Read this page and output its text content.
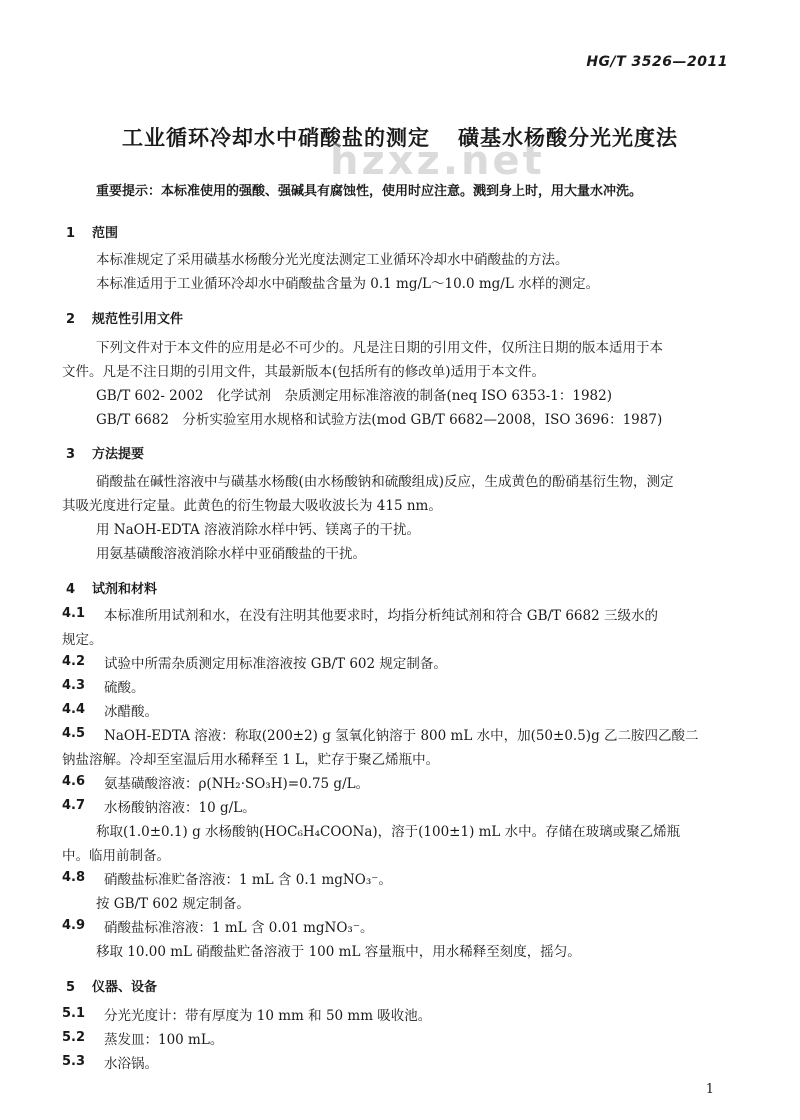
HG/T 3526—2011
工业循环冷却水中硝酸盐的测定 磺基水杨酸分光光度法
hzxz.net
重要提示：本标准使用的强酸、强碱具有腐蚀性，使用时应注意。溅到身上时，用大量水冲洗。
1 范围
本标准规定了采用磺基水杨酸分光光度法测定工业循环冷却水中硝酸盐的方法。
本标准适用于工业循环冷却水中硝酸盐含量为 0.1 mg/L～10.0 mg/L 水样的测定。
2 规范性引用文件
下列文件对于本文件的应用是必不可少的。凡是注日期的引用文件，仅所注日期的版本适用于本
文件。凡是不注日期的引用文件，其最新版本(包括所有的修改单)适用于本文件。
GB/T 602- 2002　化学试剂　杂质测定用标准溶液的制备(neq ISO 6353-1：1982)
GB/T 6682　分析实验室用水规格和试验方法(mod GB/T 6682—2008，ISO 3696：1987)
3 方法提要
硝酸盐在碱性溶液中与磺基水杨酸(由水杨酸钠和硫酸组成)反应，生成黄色的酚硝基衍生物，测定
其吸光度进行定量。此黄色的衍生物最大吸收波长为 415 nm。
用 NaOH-EDTA 溶液消除水样中钙、镁离子的干扰。
用氨基磺酸溶液消除水样中亚硝酸盐的干扰。
4 试剂和材料
4.1 本标准所用试剂和水，在没有注明其他要求时，均指分析纯试剂和符合 GB/T 6682 三级水的
规定。
4.2 试验中所需杂质测定用标准溶液按 GB/T 602 规定制备。
4.3 硫酸。
4.4 冰醋酸。
4.5 NaOH-EDTA 溶液：称取(200±2) g 氢氧化钠溶于 800 mL 水中，加(50±0.5)g 乙二胺四乙酸二
钠盐溶解。冷却至室温后用水稀释至 1 L，贮存于聚乙烯瓶中。
4.6 氨基磺酸溶液：ρ(NH₂·SO₃H)=0.75 g/L。
4.7 水杨酸钠溶液：10 g/L。
称取(1.0±0.1) g 水杨酸钠(HOC₆H₄COONa)，溶于(100±1) mL 水中。存储在玻璃或聚乙烯瓶
中。临用前制备。
4.8 硝酸盐标准贮备溶液：1 mL 含 0.1 mgNO₃⁻。
按 GB/T 602 规定制备。
4.9 硝酸盐标准溶液：1 mL 含 0.01 mgNO₃⁻。
移取 10.00 mL 硝酸盐贮备溶液于 100 mL 容量瓶中，用水稀释至刻度，摇匀。
5 仪器、设备
5.1 分光光度计：带有厚度为 10 mm 和 50 mm 吸收池。
5.2 蒸发皿：100 mL。
5.3 水浴锅。
1
